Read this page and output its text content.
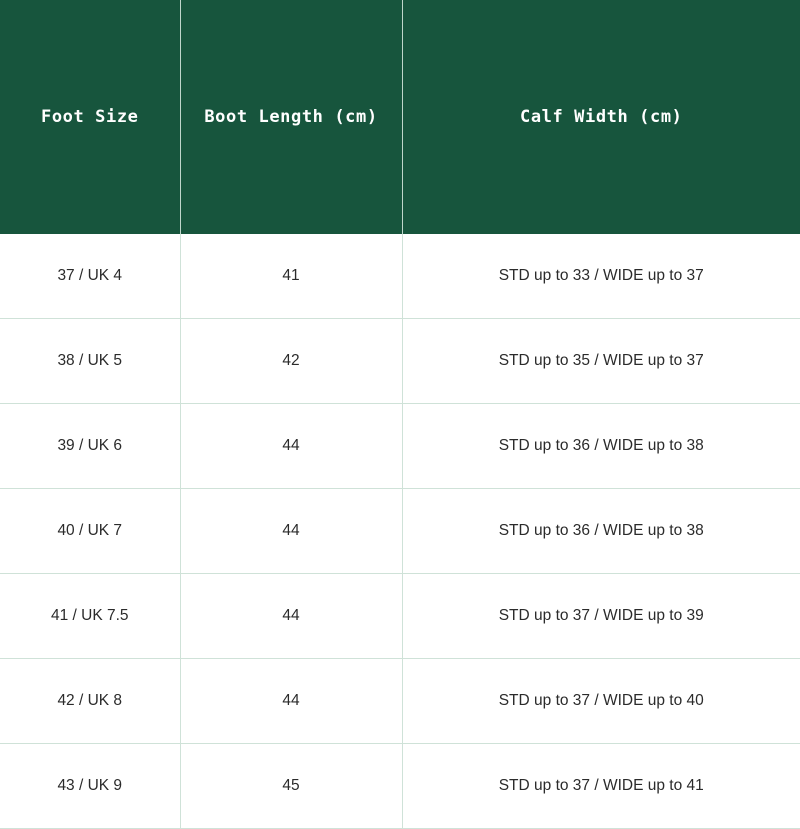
Foot Size	Boot Length (cm)	Calf Width (cm)
37 / UK 4	41	STD up to 33 / WIDE up to 37
38 / UK 5	42	STD up to 35 / WIDE up to 37
39 / UK 6	44	STD up to 36 / WIDE up to 38
40 / UK 7	44	STD up to 36 / WIDE up to 38
41 / UK 7.5	44	STD up to 37 / WIDE up to 39
42 / UK 8	44	STD up to 37 / WIDE up to 40
43 / UK 9	45	STD up to 37 / WIDE up to 41
